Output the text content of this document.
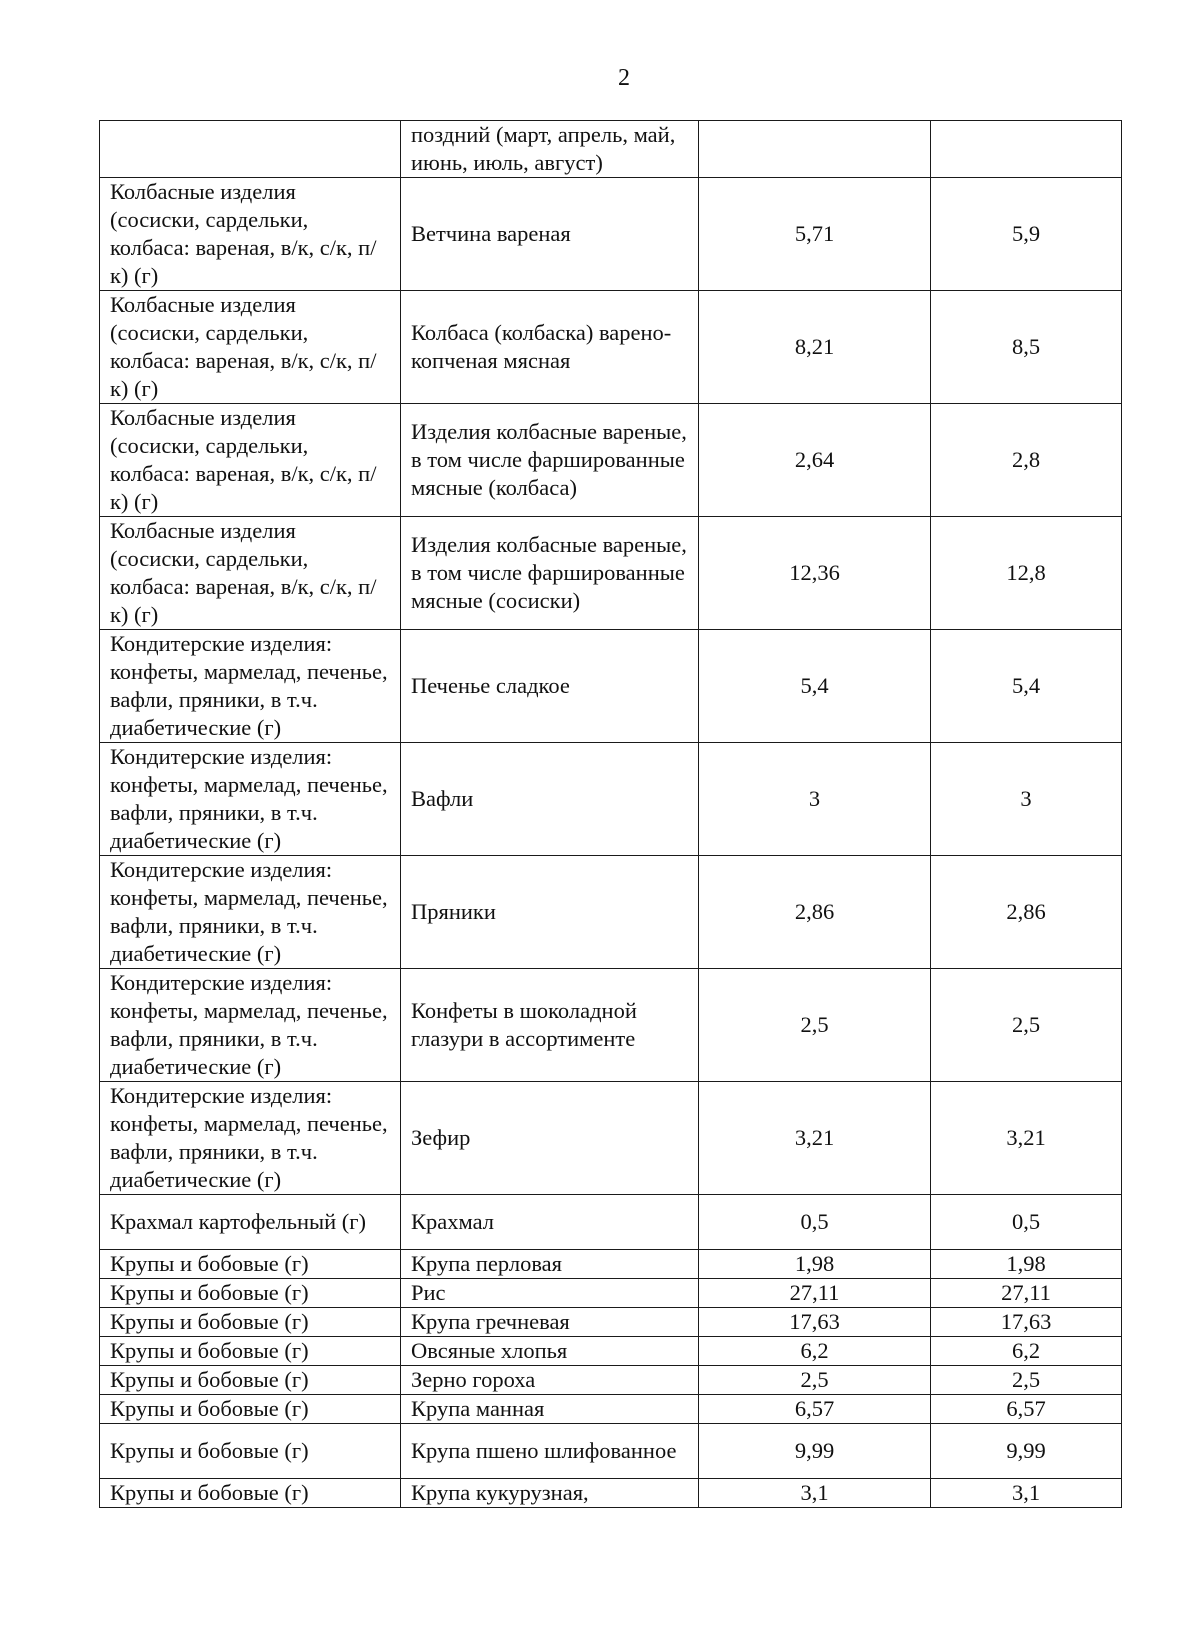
2
	поздний (март, апрель, май, июнь, июль, август)		
Колбасные изделия (сосиски, сардельки, колбаса: вареная, в/к, с/к, п/к) (г)	Ветчина вареная	5,71	5,9
Колбасные изделия (сосиски, сардельки, колбаса: вареная, в/к, с/к, п/к) (г)	Колбаса (колбаска) варено-копченая мясная	8,21	8,5
Колбасные изделия (сосиски, сардельки, колбаса: вареная, в/к, с/к, п/к) (г)	Изделия колбасные вареные, в том числе фаршированные мясные (колбаса)	2,64	2,8
Колбасные изделия (сосиски, сардельки, колбаса: вареная, в/к, с/к, п/к) (г)	Изделия колбасные вареные, в том числе фаршированные мясные (сосиски)	12,36	12,8
Кондитерские изделия: конфеты, мармелад, печенье, вафли, пряники, в т.ч. диабетические (г)	Печенье сладкое	5,4	5,4
Кондитерские изделия: конфеты, мармелад, печенье, вафли, пряники, в т.ч. диабетические (г)	Вафли	3	3
Кондитерские изделия: конфеты, мармелад, печенье, вафли, пряники, в т.ч. диабетические (г)	Пряники	2,86	2,86
Кондитерские изделия: конфеты, мармелад, печенье, вафли, пряники, в т.ч. диабетические (г)	Конфеты в шоколадной глазури в ассортименте	2,5	2,5
Кондитерские изделия: конфеты, мармелад, печенье, вафли, пряники, в т.ч. диабетические (г)	Зефир	3,21	3,21
Крахмал картофельный (г)	Крахмал	0,5	0,5
Крупы и бобовые (г)	Крупа перловая	1,98	1,98
Крупы и бобовые (г)	Рис	27,11	27,11
Крупы и бобовые (г)	Крупа гречневая	17,63	17,63
Крупы и бобовые (г)	Овсяные хлопья	6,2	6,2
Крупы и бобовые (г)	Зерно гороха	2,5	2,5
Крупы и бобовые (г)	Крупа манная	6,57	6,57
Крупы и бобовые (г)	Крупа пшено шлифованное	9,99	9,99
Крупы и бобовые (г)	Крупа кукурузная,	3,1	3,1
